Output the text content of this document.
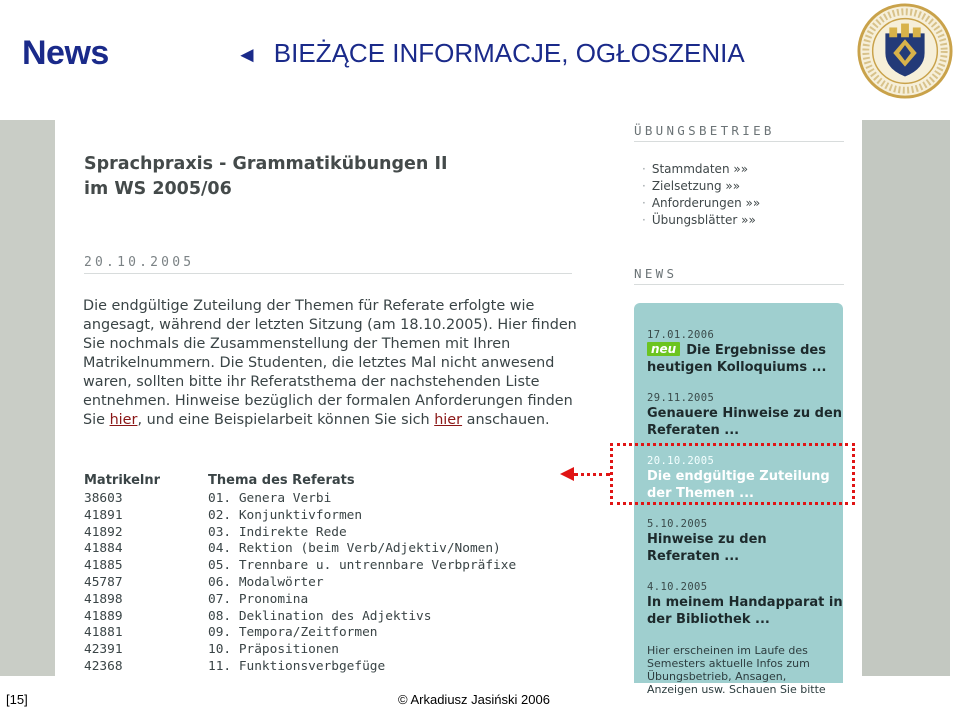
News	◄ BIEŻĄCE INFORMACJE, OGŁOSZENIA
Sprachpraxis - Grammatikübungen II
im WS 2005/06
20.10.2005
Die endgültige Zuteilung der Themen für Referate erfolgte wie angesagt, während der letzten Sitzung (am 18.10.2005). Hier finden Sie nochmals die Zusammenstellung der Themen mit Ihren Matrikelnummern. Die Studenten, die letztes Mal nicht anwesend waren, sollten bitte ihr Referatsthema der nachstehenden Liste entnehmen. Hinweise bezüglich der formalen Anforderungen finden Sie hier, und eine Beispielarbeit können Sie sich hier anschauen.
Matrikelnr	Thema des Referats
38603	01. Genera Verbi
41891	02. Konjunktivformen
41892	03. Indirekte Rede
41884	04. Rektion (beim Verb/Adjektiv/Nomen)
41885	05. Trennbare u. untrennbare Verbpräfixe
45787	06. Modalwörter
41898	07. Pronomina
41889	08. Deklination des Adjektivs
41881	09. Tempora/Zeitformen
42391	10. Präpositionen
42368	11. Funktionsverbgefüge
ÜBUNGSBETRIEB
· Stammdaten »»
· Zielsetzung »»
· Anforderungen »»
· Übungsblätter »»
NEWS
17.01.2006
neu Die Ergebnisse des heutigen Kolloquiums ...
29.11.2005
Genauere Hinweise zu den Referaten ...
20.10.2005
Die endgültige Zuteilung der Themen ...
5.10.2005
Hinweise zu den Referaten ...
4.10.2005
In meinem Handapparat in der Bibliothek ...
Hier erscheinen im Laufe des Semesters aktuelle Infos zum Übungsbetrieb, Ansagen, Anzeigen usw. Schauen Sie bitte
[15]	© Arkadiusz Jasiński 2006
